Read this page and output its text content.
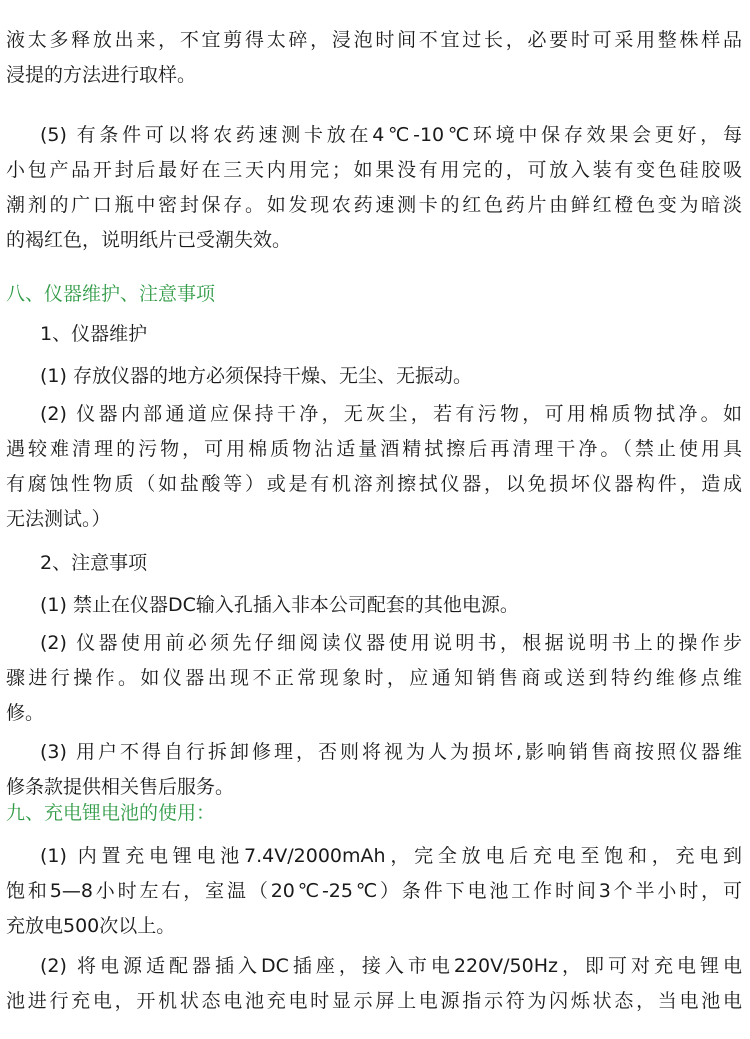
液太多释放出来，不宜剪得太碎，浸泡时间不宜过长，必要时可采用整株样品
浸提的方法进行取样。
(5) 有条件可以将农药速测卡放在4℃-10℃环境中保存效果会更好，每
小包产品开封后最好在三天内用完；如果没有用完的，可放入装有变色硅胶吸
潮剂的广口瓶中密封保存。如发现农药速测卡的红色药片由鲜红橙色变为暗淡
的褐红色，说明纸片已受潮失效。
八、仪器维护、注意事项
1、仪器维护
(1) 存放仪器的地方必须保持干燥、无尘、无振动。
(2) 仪器内部通道应保持干净，无灰尘，若有污物，可用棉质物拭净。如
遇较难清理的污物，可用棉质物沾适量酒精拭擦后再清理干净。（禁止使用具
有腐蚀性物质（如盐酸等）或是有机溶剂擦拭仪器，以免损坏仪器构件，造成
无法测试。）
2、注意事项
(1) 禁止在仪器DC输入孔插入非本公司配套的其他电源。
(2) 仪器使用前必须先仔细阅读仪器使用说明书，根据说明书上的操作步
骤进行操作。如仪器出现不正常现象时，应通知销售商或送到特约维修点维
修。
(3) 用户不得自行拆卸修理，否则将视为人为损坏,影响销售商按照仪器维
修条款提供相关售后服务。
九、充电锂电池的使用：
(1) 内置充电锂电池7.4V/2000mAh，完全放电后充电至饱和，充电到
饱和5—8小时左右，室温（20℃-25℃）条件下电池工作时间3个半小时，可
充放电500次以上。
(2) 将电源适配器插入DC插座，接入市电220V/50Hz，即可对充电锂电
池进行充电，开机状态电池充电时显示屏上电源指示符为闪烁状态，当电池电
